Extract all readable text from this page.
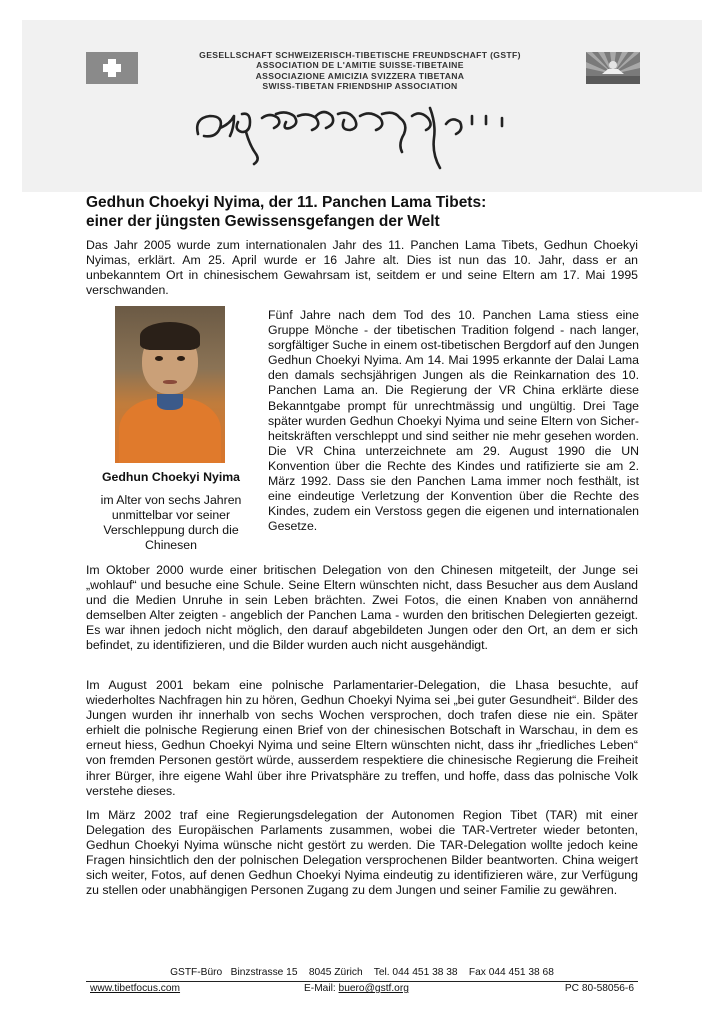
GESELLSCHAFT SCHWEIZERISCH-TIBETISCHE FREUNDSCHAFT (GSTF)
ASSOCIATION DE L'AMITIE SUISSE-TIBETAINE
ASSOCIAZIONE AMICIZIA SVIZZERA TIBETANA
SWISS-TIBETAN FRIENDSHIP ASSOCIATION
Gedhun Choekyi Nyima, der 11. Panchen Lama Tibets:
einer der jüngsten Gewissensgefangen der Welt
Das Jahr 2005 wurde zum internationalen Jahr des 11. Panchen Lama Tibets, Gedhun Choekyi Nyimas, erklärt. Am 25. April wurde er 16 Jahre alt. Dies ist nun das 10. Jahr, dass er an unbekanntem Ort in chinesischem Gewahrsam ist, seitdem er und seine Eltern am 17. Mai 1995 verschwanden.
Gedhun Choekyi Nyima
im Alter von sechs Jahren unmittelbar vor seiner Verschleppung durch die Chinesen
Fünf Jahre nach dem Tod des 10. Panchen Lama stiess eine Gruppe Mönche - der tibetischen Tradition folgend - nach langer, sorgfältiger Suche in einem ost-tibetischen Bergdorf auf den Jungen Gedhun Choekyi Nyima. Am 14. Mai 1995 erkannte der Dalai Lama den damals sechsjährigen Jungen als die Reinkarnation des 10. Panchen Lama an. Die Regierung der VR China erklärte diese Bekanntgabe prompt für unrechtmässig und ungültig. Drei Tage später wurden Gedhun Choekyi Nyima und seine Eltern von Sicher-heitskräften verschleppt und sind seither nie mehr gesehen worden. Die VR China unterzeichnete am 29. August 1990 die UN Konvention über die Rechte des Kindes und ratifizierte sie am 2. März 1992. Dass sie den Panchen Lama immer noch festhält, ist eine eindeutige Verletzung der Konvention über die Rechte des Kindes, zudem ein Verstoss gegen die eigenen und internationalen Gesetze.
Im Oktober 2000 wurde einer britischen Delegation von den Chinesen mitgeteilt, der Junge sei „wohlauf“ und besuche eine Schule. Seine Eltern wünschten nicht, dass Besucher aus dem Ausland und die Medien Unruhe in sein Leben brächten. Zwei Fotos, die einen Knaben von annähernd demselben Alter zeigten - angeblich der Panchen Lama - wurden den britischen Delegierten gezeigt. Es war ihnen jedoch nicht möglich, den darauf abgebildeten Jungen oder den Ort, an dem er sich befindet, zu identifizieren, und die Bilder wurden auch nicht ausgehändigt.
Im August 2001 bekam eine polnische Parlamentarier-Delegation, die Lhasa besuchte, auf wiederholtes Nachfragen hin zu hören, Gedhun Choekyi Nyima sei „bei guter Gesundheit“. Bilder des Jungen wurden ihr innerhalb von sechs Wochen versprochen, doch trafen diese nie ein. Später erhielt die polnische Regierung einen Brief von der chinesischen Botschaft in Warschau, in dem es erneut hiess, Gedhun Choekyi Nyima und seine Eltern wünschten nicht, dass ihr „friedliches Leben“ von fremden Personen gestört würde, ausserdem respektiere die chinesische Regierung die Freiheit ihrer Bürger, ihre eigene Wahl über ihre Privatsphäre zu treffen, und hoffe, dass das polnische Volk verstehe dieses.
Im März 2002 traf eine Regierungsdelegation der Autonomen Region Tibet (TAR) mit einer Delegation des Europäischen Parlaments zusammen, wobei die TAR-Vertreter wieder betonten, Gedhun Choekyi Nyima wünsche nicht gestört zu werden. Die TAR-Delegation wollte jedoch keine Fragen hinsichtlich den der polnischen Delegation versprochenen Bilder beantworten. China weigert sich weiter, Fotos, auf denen Gedhun Choekyi Nyima eindeutig zu identifizieren wäre, zur Verfügung zu stellen oder unabhängigen Personen Zugang zu dem Jungen und seiner Familie zu gewähren.
GSTF-Büro   Binzstrasse 15    8045 Zürich    Tel. 044 451 38 38    Fax 044 451 38 68
www.tibetfocus.com	E-Mail: buero@gstf.org	PC 80-58056-6
